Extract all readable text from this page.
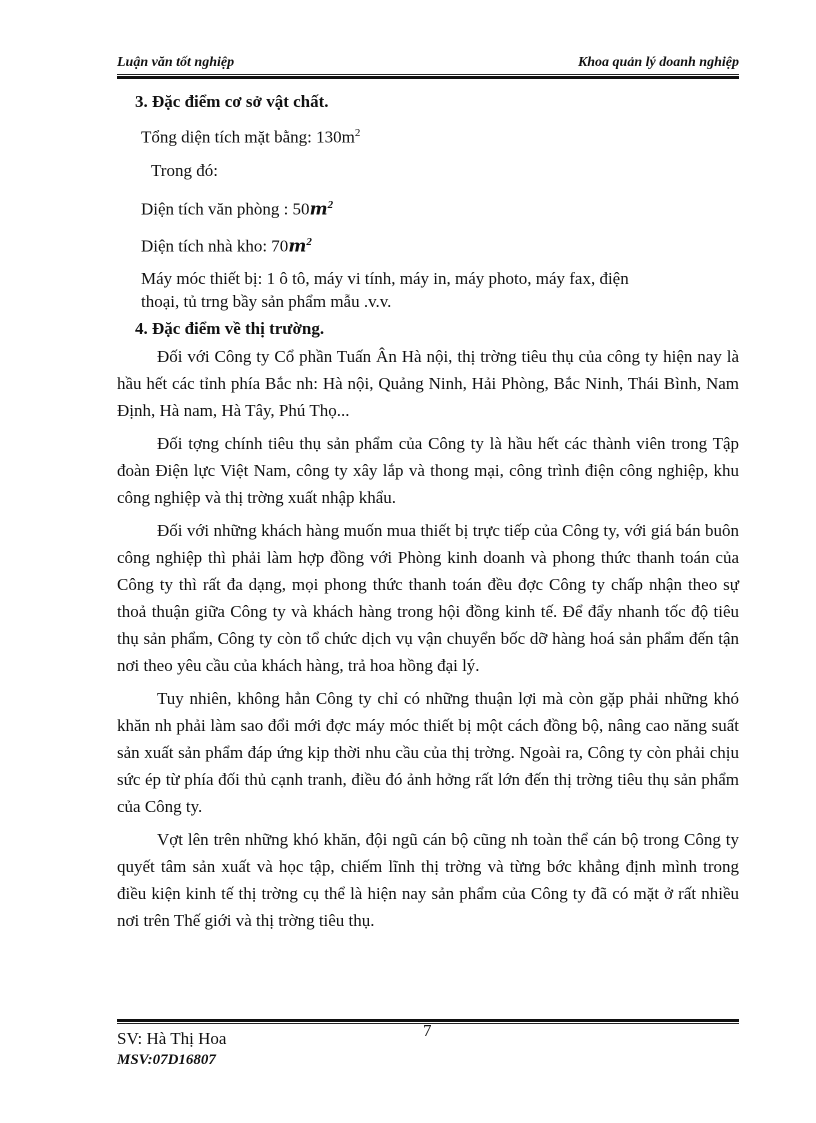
Luận văn tốt nghiệp	Khoa quản lý doanh nghiệp
3. Đặc điểm cơ sở vật chất.

Tổng diện tích mặt bằng: $130m^2$

Trong đó:

Diện tích văn phòng : $50m^2$

Diện tích nhà kho: $70m^2$

Máy móc thiết bị: 1 ô tô, máy vi tính, máy in, máy photo, máy fax, điện

thoại, tủ trng bầy sản phẩm mẫu .v.v.

4. Đặc điểm về thị trường.

Đối với Công ty Cổ phần Tuấn Ân Hà nội, thị trờng tiêu thụ của công ty hiện nay là hầu hết các tỉnh phía Bắc nh: Hà nội, Quảng Ninh, Hải Phòng, Bắc Ninh, Thái Bình, Nam Định, Hà nam, Hà Tây, Phú Thọ...

Đối tợng chính tiêu thụ sản phẩm của Công ty là hầu hết các thành viên trong Tập đoàn Điện lực Việt Nam, công ty xây lắp và thong mại, công trình điện công nghiệp, khu công nghiệp và thị trờng xuất nhập khẩu.

Đối với những khách hàng muốn mua thiết bị trực tiếp của Công ty, với giá bán buôn công nghiệp thì phải làm hợp đồng với Phòng kinh doanh và phong thức thanh toán của Công ty thì rất đa dạng, mọi phong thức thanh toán đều đợc Công ty chấp nhận theo sự thoả thuận giữa Công ty và khách hàng trong hội đồng kinh tế. Để đẩy nhanh tốc độ tiêu thụ sản phẩm, Công ty còn tổ chức dịch vụ vận chuyển bốc dỡ hàng hoá sản phẩm đến tận nơi theo yêu cầu của khách hàng, trả hoa hồng đại lý.

Tuy nhiên, không hẳn Công ty chỉ có những thuận lợi mà còn gặp phải những khó khăn nh phải làm sao đổi mới đợc máy móc thiết bị một cách đồng bộ, nâng cao năng suất sản xuất sản phẩm đáp ứng kịp thời nhu cầu của thị trờng. Ngoài ra, Công ty còn phải chịu sức ép từ phía đối thủ cạnh tranh, điều đó ảnh hởng rất lớn đến thị trờng tiêu thụ sản phẩm của Công ty.

Vợt lên trên những khó khăn, đội ngũ cán bộ cũng nh toàn thể cán bộ trong Công ty quyết tâm sản xuất và học tập, chiếm lĩnh thị trờng và từng bớc khẳng định mình trong điều kiện kinh tế thị trờng cụ thể là hiện nay sản phẩm của Công ty đã có mặt ở rất nhiều nơi trên Thế giới và thị trờng tiêu thụ.

7
SV: Hà Thị Hoa
MSV:07D16807
